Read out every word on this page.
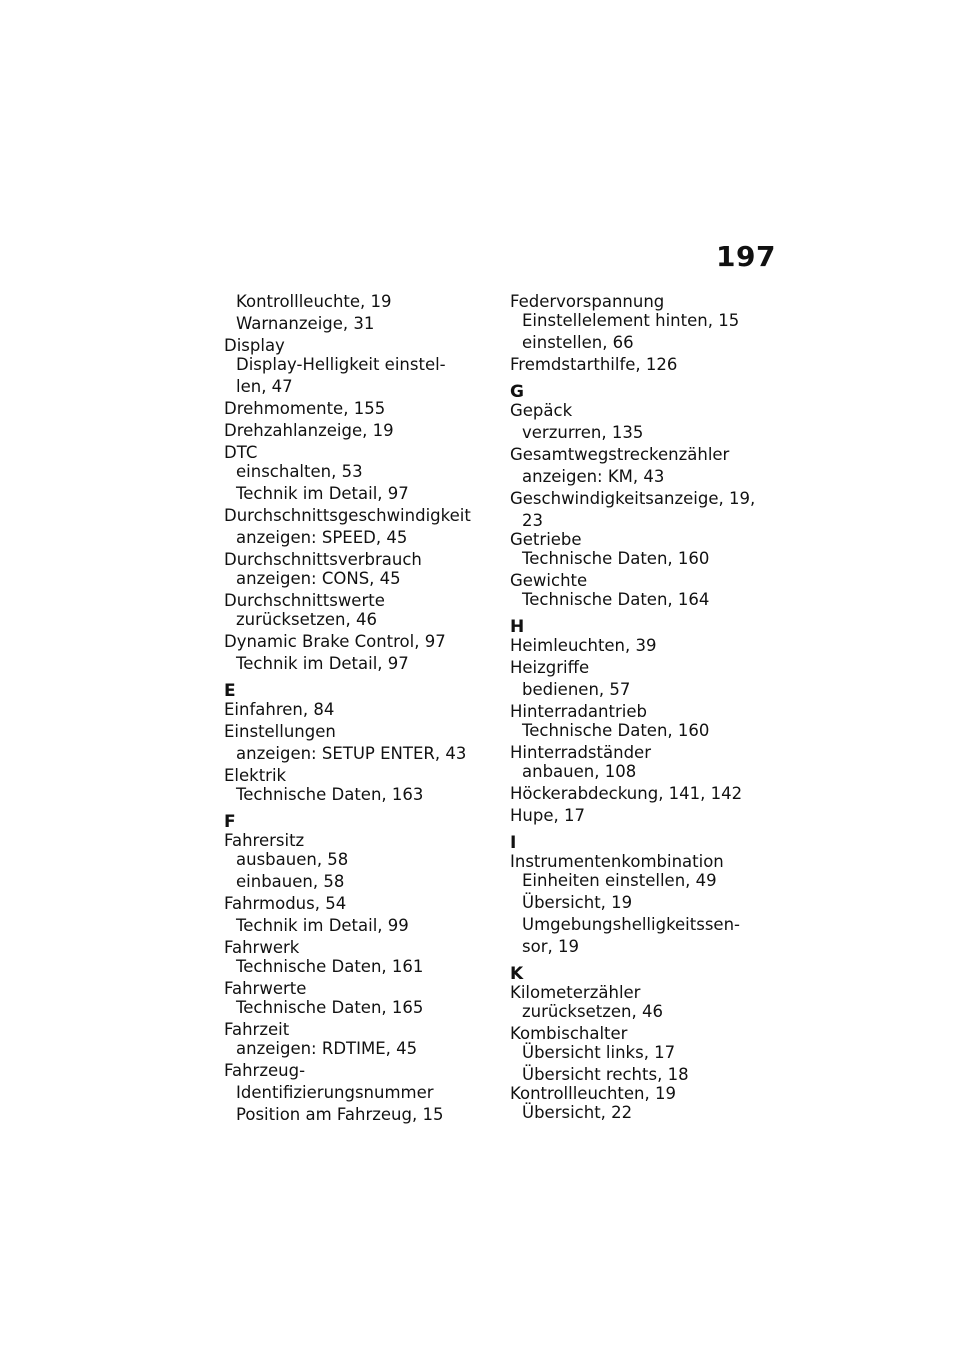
197
Kontrollleuchte, 19
Warnanzeige, 31
Display
Display-Helligkeit einstel-
len, 47
Drehmomente, 155
Drehzahlanzeige, 19
DTC
einschalten, 53
Technik im Detail, 97
Durchschnittsgeschwindigkeit
anzeigen: SPEED, 45
Durchschnittsverbrauch
anzeigen: CONS, 45
Durchschnittswerte
zurücksetzen, 46
Dynamic Brake Control, 97
Technik im Detail, 97
E
Einfahren, 84
Einstellungen
anzeigen: SETUP ENTER, 43
Elektrik
Technische Daten, 163
F
Fahrersitz
ausbauen, 58
einbauen, 58
Fahrmodus, 54
Technik im Detail, 99
Fahrwerk
Technische Daten, 161
Fahrwerte
Technische Daten, 165
Fahrzeit
anzeigen: RDTIME, 45
Fahrzeug-
Identifizierungsnummer
Position am Fahrzeug, 15
Federvorspannung
Einstellelement hinten, 15
einstellen, 66
Fremdstarthilfe, 126
G
Gepäck
verzurren, 135
Gesamtwegstreckenzähler
anzeigen: KM, 43
Geschwindigkeitsanzeige, 19,
23
Getriebe
Technische Daten, 160
Gewichte
Technische Daten, 164
H
Heimleuchten, 39
Heizgriffe
bedienen, 57
Hinterradantrieb
Technische Daten, 160
Hinterradständer
anbauen, 108
Höckerabdeckung, 141, 142
Hupe, 17
I
Instrumentenkombination
Einheiten einstellen, 49
Übersicht, 19
Umgebungshelligkeitssen-
sor, 19
K
Kilometerzähler
zurücksetzen, 46
Kombischalter
Übersicht links, 17
Übersicht rechts, 18
Kontrollleuchten, 19
Übersicht, 22
